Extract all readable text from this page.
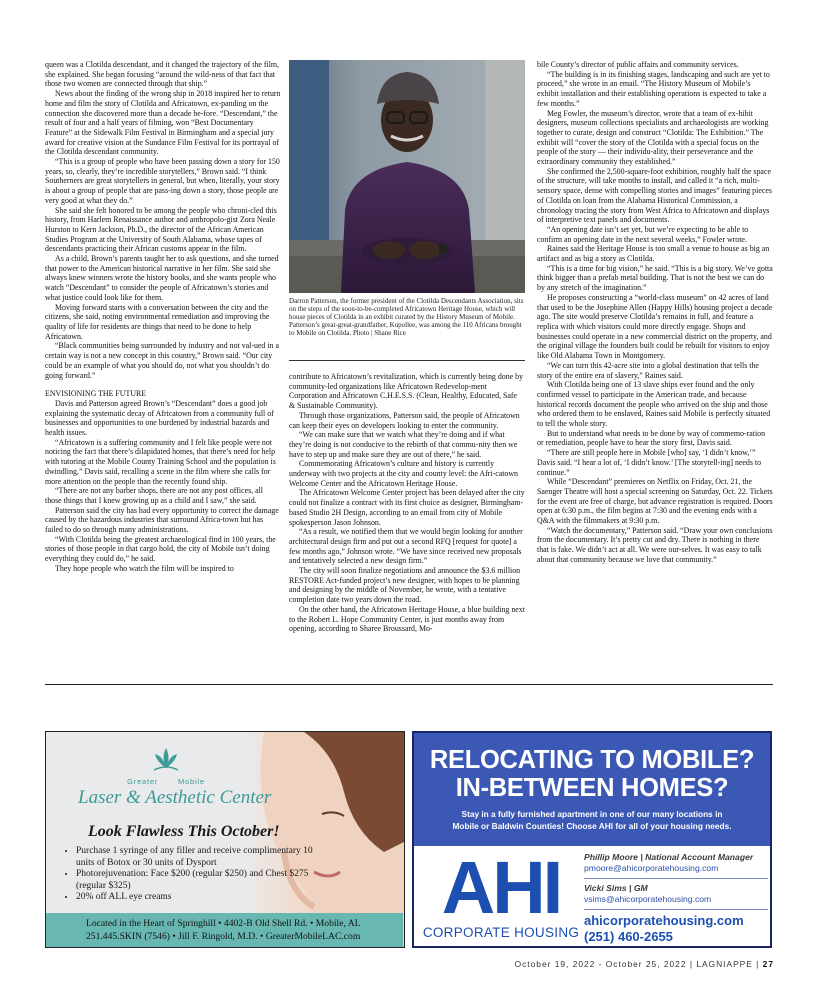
queen was a Clotilda descendant, and it changed the trajectory of the film, she explained. She began focusing “around the wild-ness of that fact that those two women are connected through that ship.”

News about the finding of the wrong ship in 2018 inspired her to return home and film the story of Clotilda and Africatown, ex-panding on the connection she discovered more than a decade be-fore. “Descendant,” the result of four and a half years of filming, won “Best Documentary Feature” at the Sidewalk Film Festival in Birmingham and a special jury award for creative vision at the Sundance Film Festival for its portrayal of the Clotilda descendant community.

“This is a group of people who have been passing down a story for 150 years, so, clearly, they’re incredible storytellers,” Brown said. “I think Southerners are great storytellers in general, but when, literally, your story is about a group of people that are pass-ing down a story, those people are very good at what they do.”

She said she felt honored to be among the people who chroni-cled this history, from Harlem Renaissance author and anthropolo-gist Zora Neale Hurston to Kern Jackson, Ph.D., the director of the African American Studies Program at the University of South Alabama, whose tapes of descendants practicing their African customs appear in the film.

As a child, Brown’s parents taught her to ask questions, and she turned that power to the American historical narrative in her film. She said she always knew winners wrote the history books, and she wants people who watch “Descendant” to consider the people of Africatown’s stories and what justice could look like for them.

Moving forward starts with a conversation between the city and the citizens, she said, noting environmental remediation and improving the quality of life for residents are things that need to be done to help Africatown.

“Black communities being surrounded by industry and not val-ued in a certain way is not a new concept in this country,” Brown said. “Our city could be an example of what you should do, not what you shouldn’t do going forward.”

ENVISIONING THE FUTURE

Davis and Patterson agreed Brown’s “Descendant” does a good job explaining the systematic decay of Africatown from a community full of businesses and opportunities to one burdened by industrial hazards and health issues.

“Africatown is a suffering community and I felt like people were not noticing the fact that there’s dilapidated homes, that there’s need for help with tutoring at the Mobile County Training School and the population is dwindling,” Davis said, recalling a scene in the film where she calls for more attention on the people than the recently found ship.

“There are not any barber shops, there are not any post offices, all those things that I knew growing up as a child and I saw,” she said.

Patterson said the city has had every opportunity to correct the damage caused by the hazardous industries that surround Africa-town but has failed to do so through many administrations.

“With Clotilda being the greatest archaeological find in 100 years, the stories of those people in that cargo hold, the city of Mobile isn’t doing everything they could do,” he said.

They hope people who watch the film will be inspired to

Darron Patterson, the former president of the Clotilda Descendants Association, sits on the steps of the soon-to-be-completed Africatown Heritage House, which will house pieces of Clotilda in an exhibit curated by the History Museum of Mobile. Patterson’s great-great-grandfather, Kupollee, was among the 110 Africans brought to Mobile on Clotilda. Photo | Shane Rice

contribute to Africatown’s revitalization, which is currently being done by community-led organizations like Africatown Redevelop-ment Corporation and Africatown C.H.E.S.S. (Clean, Healthy, Educated, Safe & Sustainable Community).

Through those organizations, Patterson said, the people of Africatown can keep their eyes on developers looking to enter the community.

“We can make sure that we watch what they’re doing and if what they’re doing is not conducive to the rebirth of that commu-nity then we have to step up and make sure they are out of there,” he said.

Commemorating Africatown’s culture and history is currently underway with two projects at the city and county level: the Afri-catown Welcome Center and the Africatown Heritage House.

The Africatown Welcome Center project has been delayed after the city could not finalize a contract with its first choice as designer, Birmingham-based Studio 2H Design, according to an email from city of Mobile spokesperson Jason Johnson.

“As a result, we notified them that we would begin looking for another architectural design firm and put out a second RFQ [request for quote] a few months ago,” Johnson wrote. “We have since received new proposals and tentatively selected a new design firm.”

The city will soon finalize negotiations and announce the $3.6 million RESTORE Act-funded project’s new designer, with hopes to be planning and designing by the middle of November, he wrote, with a tentative completion date two years down the road.

On the other hand, the Africatown Heritage House, a blue building next to the Robert L. Hope Community Center, is just months away from opening, according to Sharee Broussard, Mo-

bile County’s director of public affairs and community services.

“The building is in its finishing stages, landscaping and such are yet to proceed,” she wrote in an email. “The History Museum of Mobile’s exhibit installation and their establishing operations is expected to take a few months.”

Meg Fowler, the museum’s director, wrote that a team of ex-hibit designers, museum collections specialists and archaeologists are working together to curate, design and construct “Clotilda: The Exhibition.” The exhibit will “cover the story of the Clotilda with a special focus on the people of the story — their individu-ality, their perseverance and the extraordinary community they established.”

She confirmed the 2,500-square-foot exhibition, roughly half the space of the structure, will take months to install, and called it “a rich, multi-sensory space, dense with compelling stories and images” featuring pieces of Clotilda on loan from the Alabama Historical Commission, a chronology tracing the story from West Africa to Africatown and displays of interpretive text panels and documents.

“An opening date isn’t set yet, but we’re expecting to be able to confirm an opening date in the next several weeks,” Fowler wrote.

Raines said the Heritage House is too small a venue to house as big an artifact and as big a story as Clotilda.

“This is a time for big vision,” he said. “This is a big story. We’ve gotta think bigger than a prefab metal building. That is not the best we can do by any stretch of the imagination.”

He proposes constructing a “world-class museum” on 42 acres of land that used to be the Josephine Allen (Happy Hills) housing project a decade ago. The site would preserve Clotilda’s remains in full, and feature a replica with which visitors could more directly engage. Shops and businesses could operate in a new commercial district on the property, and the original village the founders built could be rebuilt for visitors to enjoy like Old Alabama Town in Montgomery.

“We can turn this 42-acre site into a global destination that tells the story of the entire era of slavery,” Raines said.

With Clotilda being one of 13 slave ships ever found and the only confirmed vessel to participate in the American trade, and because historical records document the people who arrived on the ship and those who ordered them to be enslaved, Raines said Mobile is perfectly situated to tell the whole story.

But to understand what needs to be done by way of commemo-ration or remediation, people have to hear the story first, Davis said.

“There are still people here in Mobile [who] say, ‘I didn’t know,’” Davis said. “I hear a lot of, ‘I didn’t know.’ [The storytell-ing] needs to continue.”

While “Descendant” premieres on Netflix on Friday, Oct. 21, the Saenger Theatre will host a special screening on Saturday, Oct. 22. Tickets for the event are free of charge, but advance registration is required. Doors open at 6:30 p.m., the film begins at 7:30 and the evening ends with a Q&A with the filmmakers at 9:30 p.m.

“Watch the documentary,” Patterson said. “Draw your own conclusions from the documentary. It’s pretty cut and dry. There is nothing in there that is fake. We didn’t act at all. We were our-selves. It was easy to talk about that community because we love that community.”

Greater	Mobile
Laser & Aesthetic Center
Look Flawless This October!
• Purchase 1 syringe of any filler and receive complimentary 10 units of Botox or 30 units of Dysport
• Photorejuvenation: Face $200 (regular $250) and Chest $275 (regular $325)
• 20% off ALL eye creams
Located in the Heart of Springhill • 4402-B Old Shell Rd. • Mobile, AL
251.445.SKIN (7546) • Jill F. Ringold, M.D. • GreaterMobileLAC.com
RELOCATING TO MOBILE?
IN-BETWEEN HOMES?
Stay in a fully furnished apartment in one of our many locations in
Mobile or Baldwin Counties! Choose AHI for all of your housing needs.
AHI
CORPORATE HOUSING
Phillip Moore | National Account Manager
pmoore@ahicorporatehousing.com
Vicki Sims | GM
vsims@ahicorporatehousing.com
ahicorporatehousing.com
(251) 460-2655
October 19, 2022 - October 25, 2022 | LAGNIAPPE | 27
